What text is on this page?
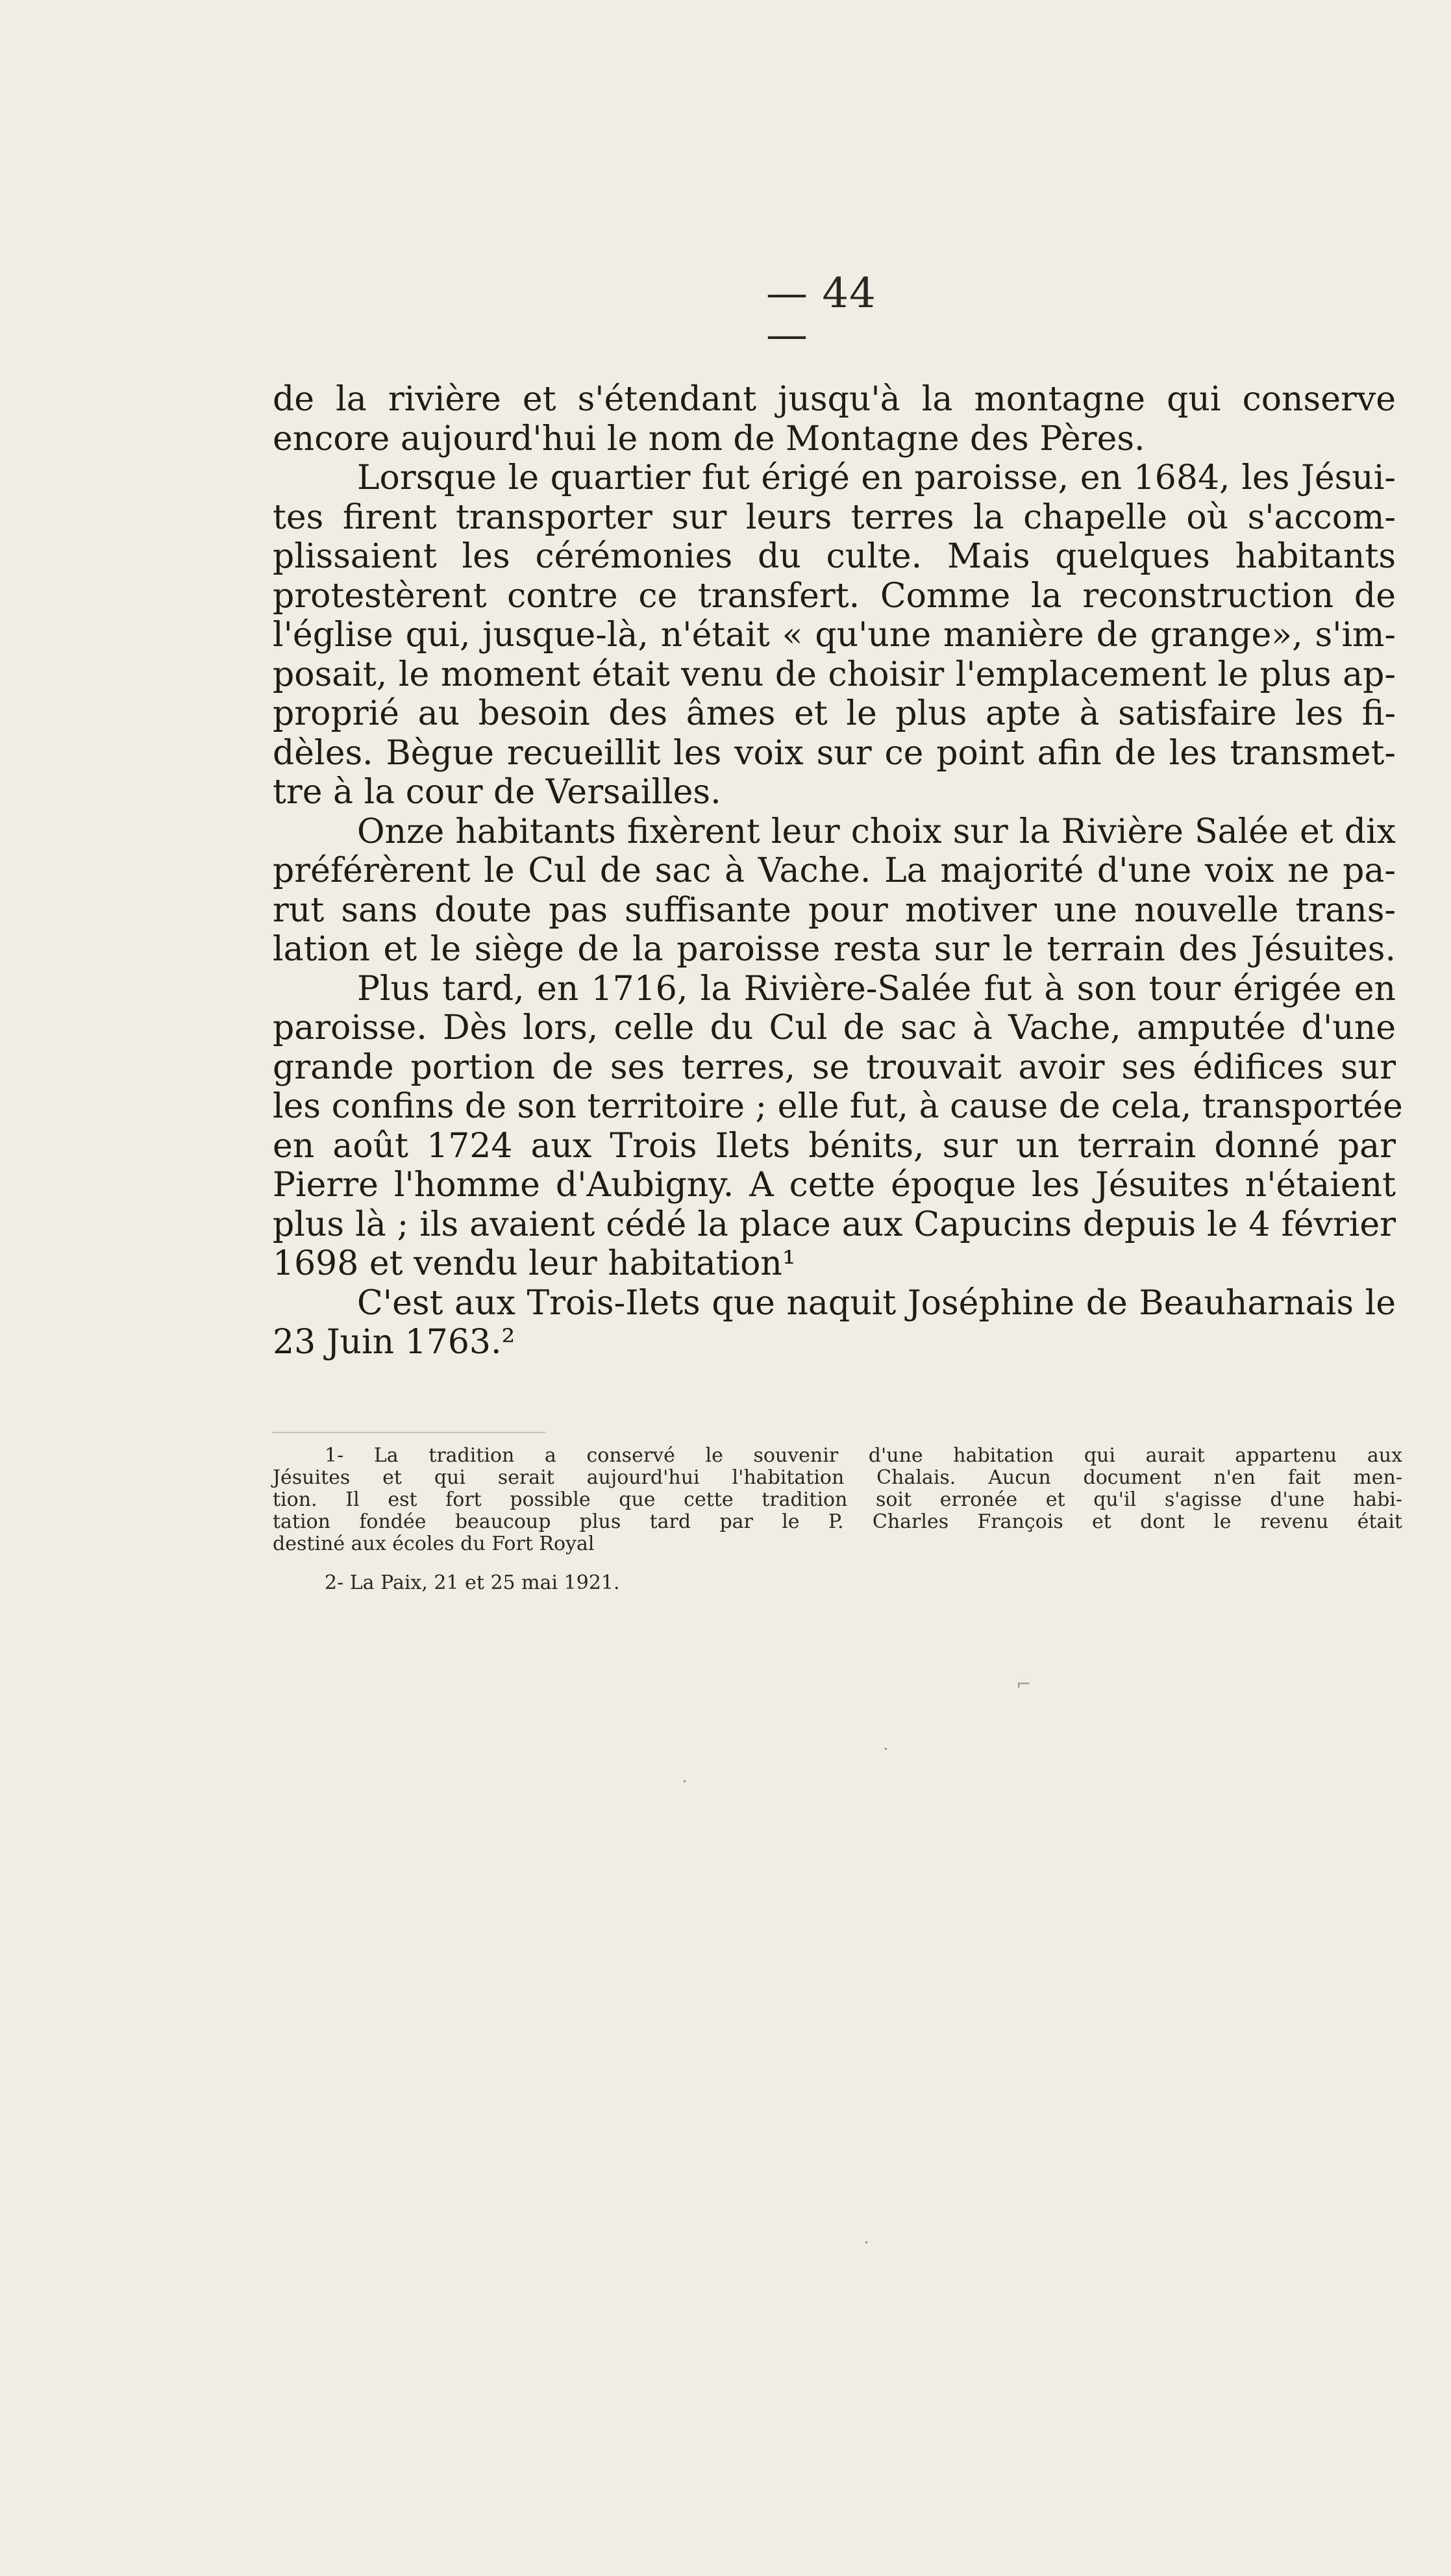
— 44 —
de la rivière et s'étendant jusqu'à la montagne qui conserve
encore aujourd'hui le nom de Montagne des Pères.
Lorsque le quartier fut érigé en paroisse, en 1684, les Jésui-
tes firent transporter sur leurs terres la chapelle où s'accom-
plissaient les cérémonies du culte. Mais quelques habitants
protestèrent contre ce transfert. Comme la reconstruction de
l'église qui, jusque-là, n'était « qu'une manière de grange», s'im-
posait, le moment était venu de choisir l'emplacement le plus ap-
proprié au besoin des âmes et le plus apte à satisfaire les fi-
dèles. Bègue recueillit les voix sur ce point afin de les transmet-
tre à la cour de Versailles.
Onze habitants fixèrent leur choix sur la Rivière Salée et dix
préférèrent le Cul de sac à Vache. La majorité d'une voix ne pa-
rut sans doute pas suffisante pour motiver une nouvelle trans-
lation et le siège de la paroisse resta sur le terrain des Jésuites.
Plus tard, en 1716, la Rivière-Salée fut à son tour érigée en
paroisse. Dès lors, celle du Cul de sac à Vache, amputée d'une
grande portion de ses terres, se trouvait avoir ses édifices sur
les confins de son territoire ; elle fut, à cause de cela, transportée
en août 1724 aux Trois Ilets bénits, sur un terrain donné par
Pierre l'homme d'Aubigny. A cette époque les Jésuites n'étaient
plus là ; ils avaient cédé la place aux Capucins depuis le 4 février
1698 et vendu leur habitation¹
C'est aux Trois-Ilets que naquit Joséphine de Beauharnais le
23 Juin 1763.²
1- La tradition a conservé le souvenir d'une habitation qui aurait appartenu aux
Jésuites et qui serait aujourd'hui l'habitation Chalais. Aucun document n'en fait men-
tion. Il est fort possible que cette tradition soit erronée et qu'il s'agisse d'une habi-
tation fondée beaucoup plus tard par le P. Charles François et dont le revenu était
destiné aux écoles du Fort Royal
2- La Paix, 21 et 25 mai 1921.
⌐
·
·
·
